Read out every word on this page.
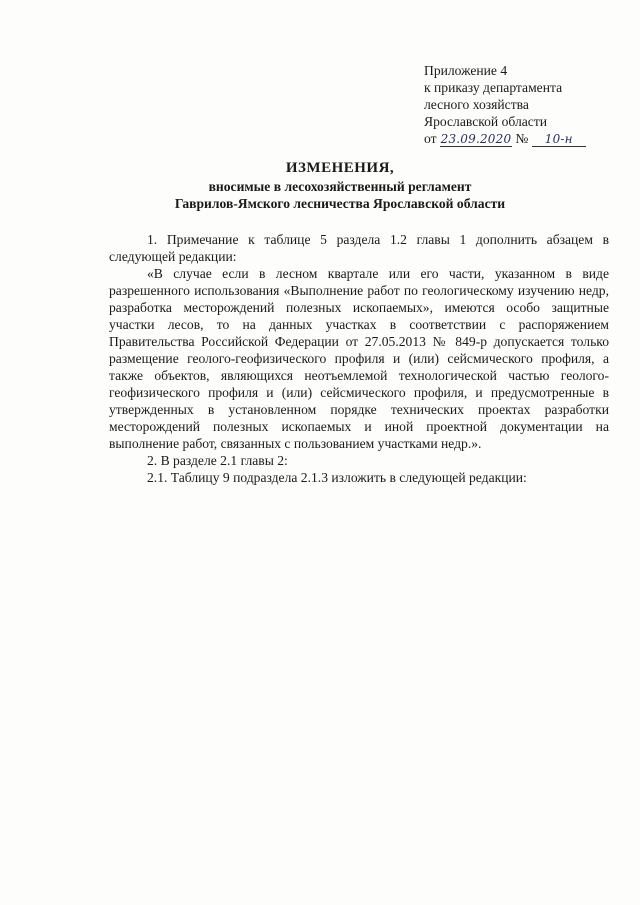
Приложение 4
к приказу департамента
лесного хозяйства
Ярославской области
от 23.09.2020 № 10-н
ИЗМЕНЕНИЯ,
вносимые в лесохозяйственный регламент
Гаврилов-Ямского лесничества Ярославской области

1. Примечание к таблице 5 раздела 1.2 главы 1 дополнить абзацем в следующей редакции:

«В случае если в лесном квартале или его части, указанном в виде разрешенного использования «Выполнение работ по геологическому изучению недр, разработка месторождений полезных ископаемых», имеются особо защитные участки лесов, то на данных участках в соответствии с распоряжением Правительства Российской Федерации от 27.05.2013 № 849-р допускается только размещение геолого-геофизического профиля и (или) сейсмического профиля, а также объектов, являющихся неотъемлемой технологической частью геолого-геофизического профиля и (или) сейсмического профиля, и предусмотренные в утвержденных в установленном порядке технических проектах разработки месторождений полезных ископаемых и иной проектной документации на выполнение работ, связанных с пользованием участками недр.».

2. В разделе 2.1 главы 2:

2.1. Таблицу 9 подраздела 2.1.3 изложить в следующей редакции:
